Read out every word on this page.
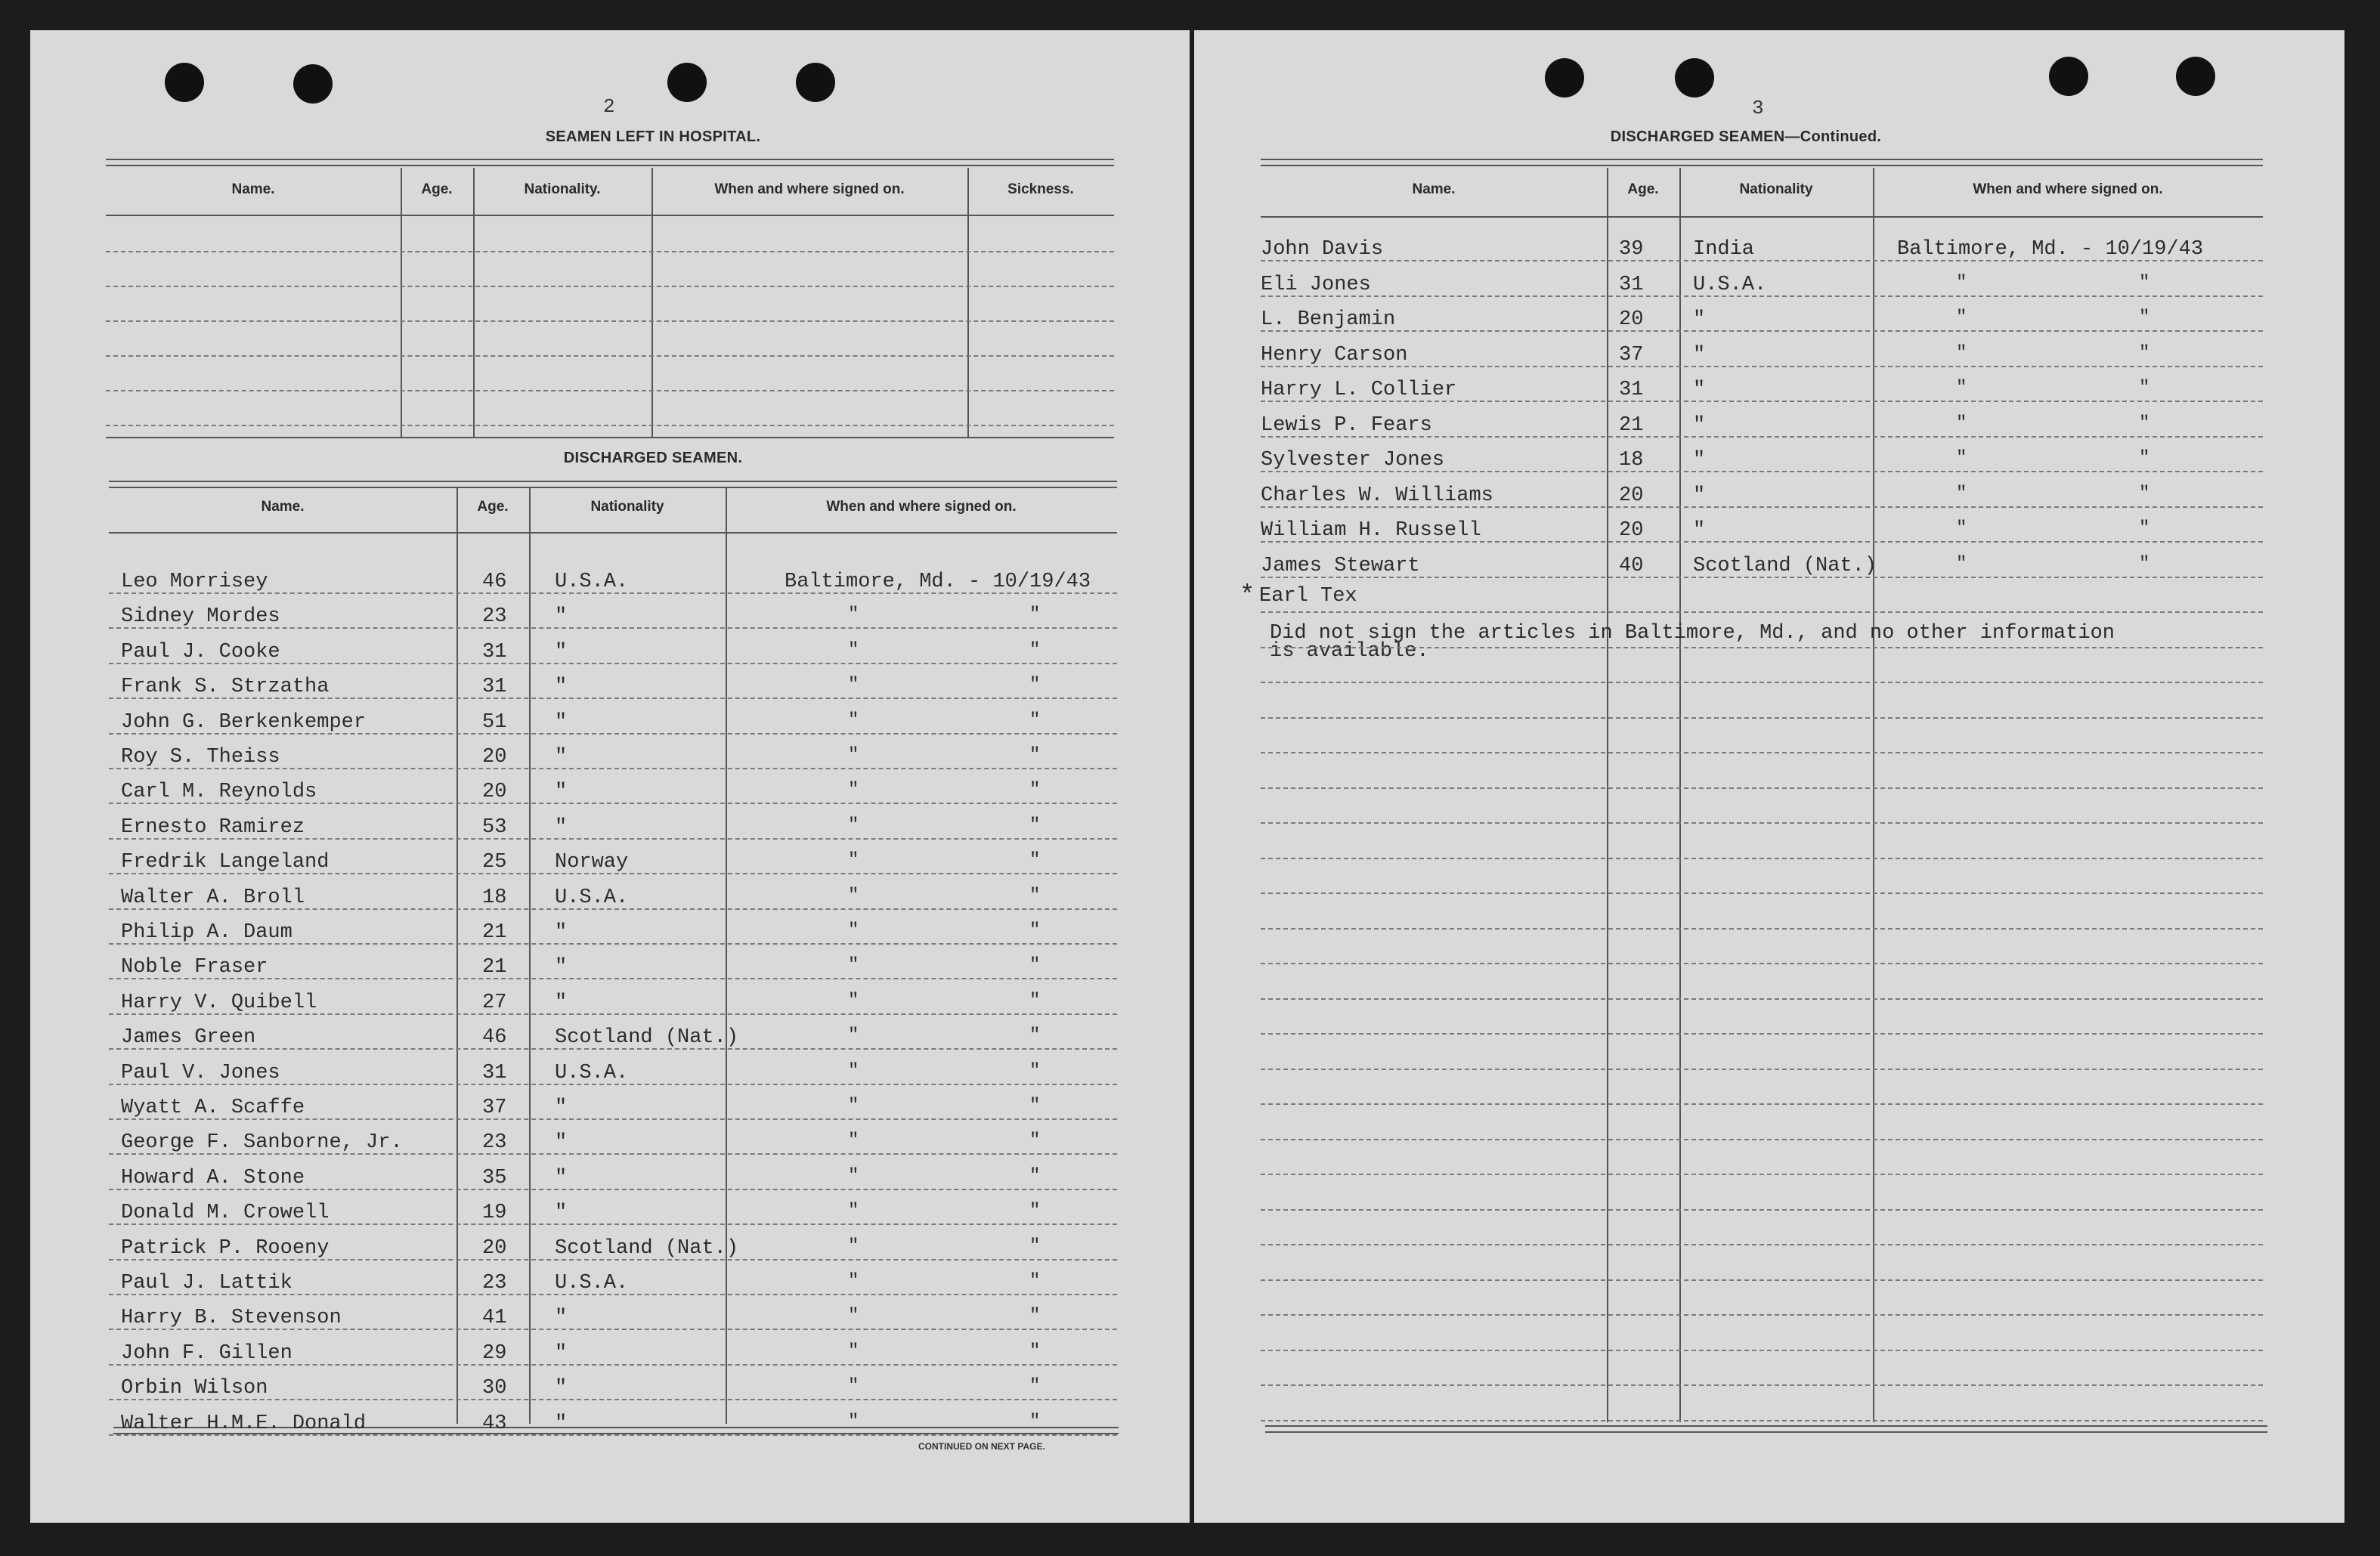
2
SEAMEN LEFT IN HOSPITAL.
Name.	Age.	Nationality.	When and where signed on.	Sickness.
DISCHARGED SEAMEN.
Name.	Age.	Nationality	When and where signed on.
CONTINUED ON NEXT PAGE.
Leo Morrisey	46 U.S.A.	Baltimore, Md. - 10/19/43
Sidney Mordes	23 "	"	"
Paul J. Cooke	31 "	"	"
Frank S. Strzatha	31 "	"	"
John G. Berkenkemper	51 "	"	"
Roy S. Theiss	20 "	"	"
Carl M. Reynolds	20 "	"	"
Ernesto Ramirez	53 "	"	"
Fredrik Langeland	25 Norway	"	"
Walter A. Broll	18 U.S.A.	"	"
Philip A. Daum	21 "	"	"
Noble Fraser	21 "	"	"
Harry V. Quibell	27 "	"	"
James Green	46 Scotland (Nat.)	"	"
Paul V. Jones	31 U.S.A.	"	"
Wyatt A. Scaffe	37 "	"	"
George F. Sanborne, Jr.	23 "	"	"
Howard A. Stone	35 "	"	"
Donald M. Crowell	19 "	"	"
Patrick P. Rooeny	20 Scotland (Nat.)	"	"
Paul J. Lattik	23 U.S.A.	"	"
Harry B. Stevenson	41 "	"	"
John F. Gillen	29 "	"	"
Orbin Wilson	30 "	"	"
Walter H.M.E. Donald	43 "	"	"
3
DISCHARGED SEAMEN—Continued.
Name.	Age.	Nationality	When and where signed on.
* Earl Tex
Did not sign the articles in Baltimore, Md., and no other information
is available.
John Davis	39 India	Baltimore, Md. - 10/19/43
Eli Jones	31 U.S.A.	"	"
L. Benjamin	20 "	"	"
Henry Carson	37 "	"	"
Harry L. Collier	31 "	"	"
Lewis P. Fears	21 "	"	"
Sylvester Jones	18 "	"	"
Charles W. Williams	20 "	"	"
William H. Russell	20 "	"	"
James Stewart	40 Scotland (Nat.)	"	"
